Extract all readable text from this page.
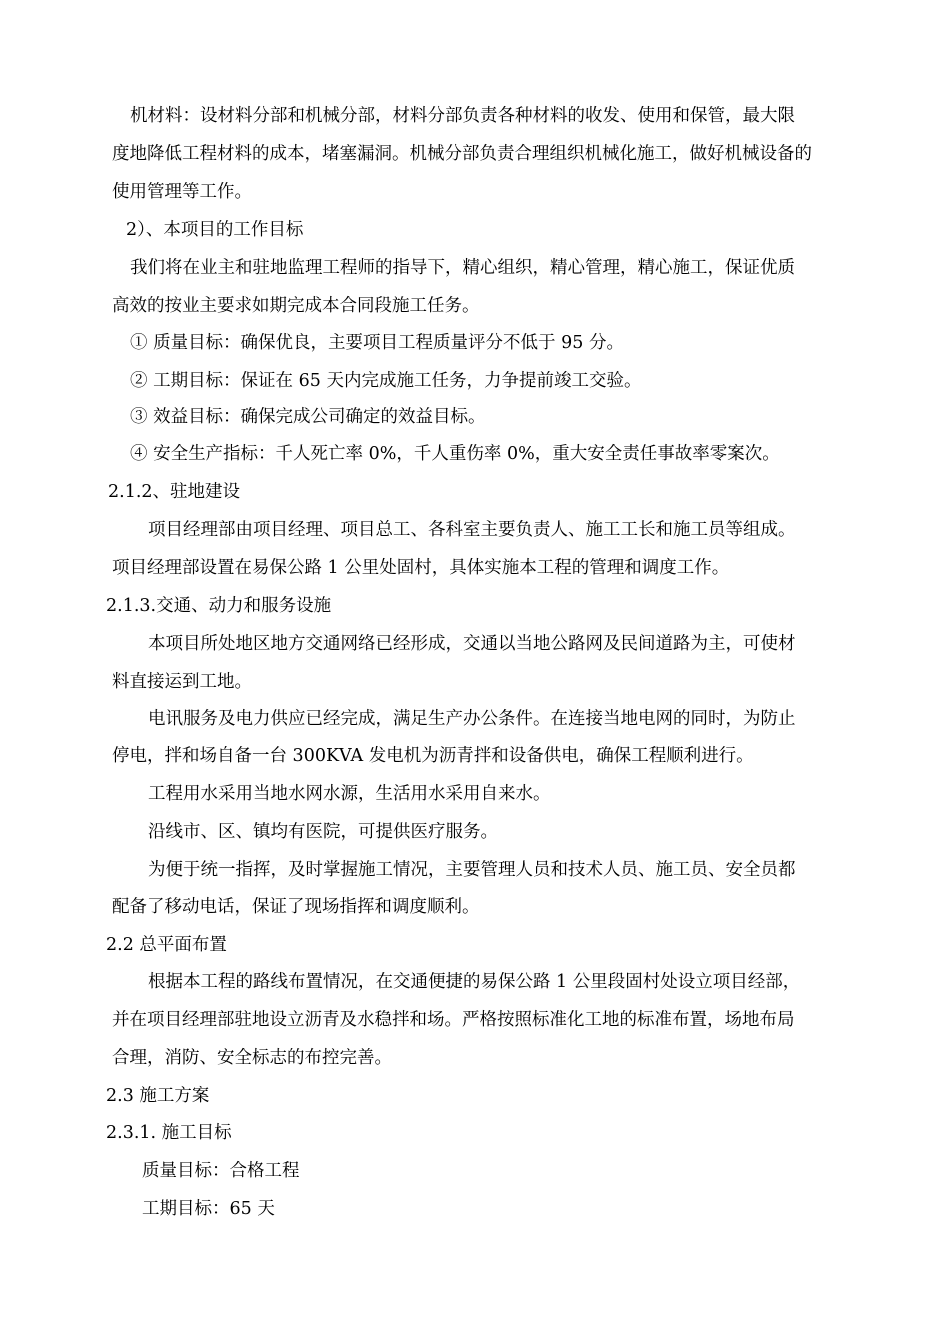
机材料：设材料分部和机械分部，材料分部负责各种材料的收发、使用和保管，最大限

度地降低工程材料的成本，堵塞漏洞。机械分部负责合理组织机械化施工，做好机械设备的

使用管理等工作。

2）、本项目的工作目标

我们将在业主和驻地监理工程师的指导下，精心组织，精心管理，精心施工，保证优质

高效的按业主要求如期完成本合同段施工任务。

① 质量目标：确保优良，主要项目工程质量评分不低于 95 分。

② 工期目标：保证在 65 天内完成施工任务，力争提前竣工交验。

③ 效益目标：确保完成公司确定的效益目标。

④ 安全生产指标：千人死亡率 0%，千人重伤率 0%，重大安全责任事故率零案次。

2.1.2、驻地建设

项目经理部由项目经理、项目总工、各科室主要负责人、施工工长和施工员等组成。

项目经理部设置在易保公路 1 公里处固村，具体实施本工程的管理和调度工作。

2.1.3.交通、动力和服务设施

本项目所处地区地方交通网络已经形成，交通以当地公路网及民间道路为主，可使材

料直接运到工地。

电讯服务及电力供应已经完成，满足生产办公条件。在连接当地电网的同时，为防止

停电，拌和场自备一台 300KVA 发电机为沥青拌和设备供电，确保工程顺利进行。

工程用水采用当地水网水源，生活用水采用自来水。

沿线市、区、镇均有医院，可提供医疗服务。

为便于统一指挥，及时掌握施工情况，主要管理人员和技术人员、施工员、安全员都

配备了移动电话，保证了现场指挥和调度顺利。

2.2 总平面布置

根据本工程的路线布置情况，在交通便捷的易保公路 1 公里段固村处设立项目经部，

并在项目经理部驻地设立沥青及水稳拌和场。严格按照标准化工地的标准布置，场地布局

合理，消防、安全标志的布控完善。

2.3 施工方案

2.3.1. 施工目标

质量目标：合格工程

工期目标：65 天
